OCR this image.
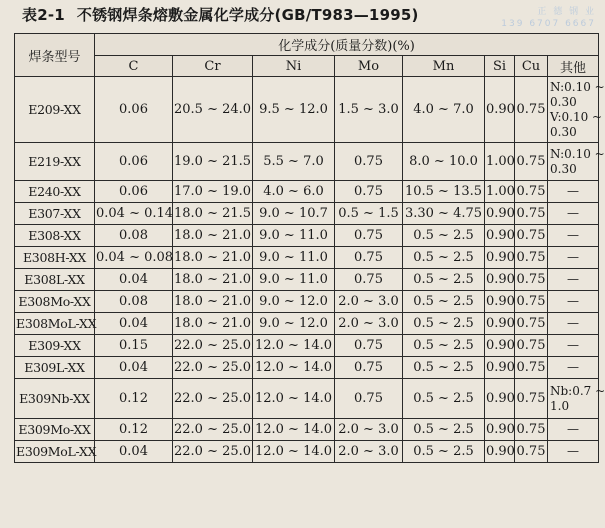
表2-1 不锈钢焊条熔敷金属化学成分(GB/T983—1995)	正 德 钢 业
139 6707 6667
焊条型号	化学成分(质量分数)(%)							
	C	Cr	Ni	Mo	Mn	Si	Cu	其他
E209-XX	0.06	20.5 ~ 24.0	9.5 ~ 12.0	1.5 ~ 3.0	4.0 ~ 7.0	0.90	0.75	N:0.10 ~
0.30
V:0.10 ~
0.30

E219-XX	0.06	19.0 ~ 21.5	5.5 ~ 7.0	0.75	8.0 ~ 10.0	1.00	0.75	N:0.10 ~
0.30

E240-XX	0.06	17.0 ~ 19.0	4.0 ~ 6.0	0.75	10.5 ~ 13.5	1.00	0.75	—

E307-XX	0.04 ~ 0.14	18.0 ~ 21.5	9.0 ~ 10.7	0.5 ~ 1.5	3.30 ~ 4.75	0.90	0.75	—

E308-XX	0.08	18.0 ~ 21.0	9.0 ~ 11.0	0.75	0.5 ~ 2.5	0.90	0.75	—

E308H-XX	0.04 ~ 0.08	18.0 ~ 21.0	9.0 ~ 11.0	0.75	0.5 ~ 2.5	0.90	0.75	—

E308L-XX	0.04	18.0 ~ 21.0	9.0 ~ 11.0	0.75	0.5 ~ 2.5	0.90	0.75	—

E308Mo-XX	0.08	18.0 ~ 21.0	9.0 ~ 12.0	2.0 ~ 3.0	0.5 ~ 2.5	0.90	0.75	—

E308MoL-XX	0.04	18.0 ~ 21.0	9.0 ~ 12.0	2.0 ~ 3.0	0.5 ~ 2.5	0.90	0.75	—

E309-XX	0.15	22.0 ~ 25.0	12.0 ~ 14.0	0.75	0.5 ~ 2.5	0.90	0.75	—

E309L-XX	0.04	22.0 ~ 25.0	12.0 ~ 14.0	0.75	0.5 ~ 2.5	0.90	0.75	—

E309Nb-XX	0.12	22.0 ~ 25.0	12.0 ~ 14.0	0.75	0.5 ~ 2.5	0.90	0.75	Nb:0.7 ~
1.0

E309Mo-XX	0.12	22.0 ~ 25.0	12.0 ~ 14.0	2.0 ~ 3.0	0.5 ~ 2.5	0.90	0.75	—

E309MoL-XX	0.04	22.0 ~ 25.0	12.0 ~ 14.0	2.0 ~ 3.0	0.5 ~ 2.5	0.90	0.75	—
